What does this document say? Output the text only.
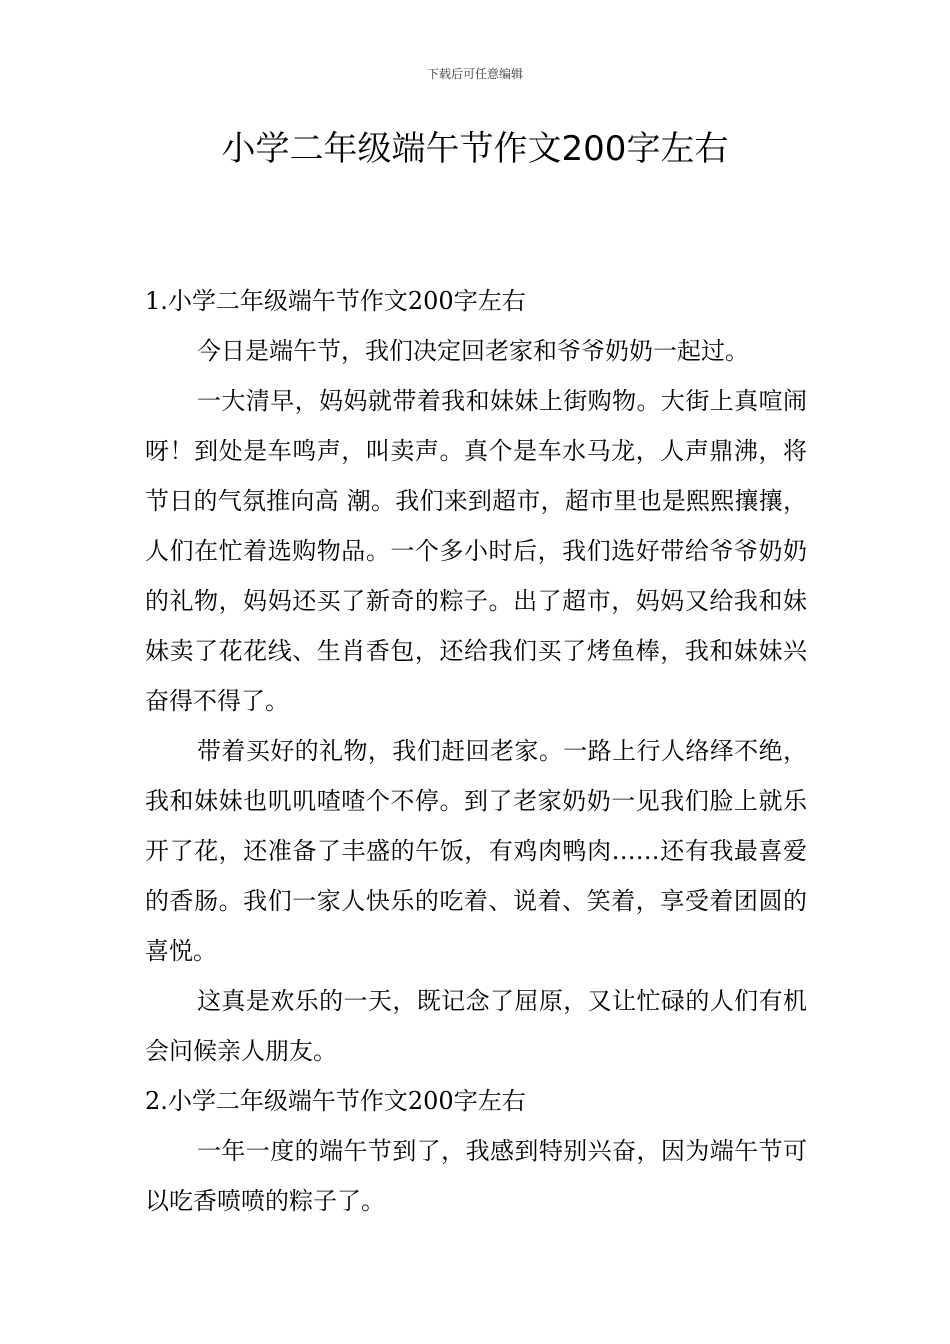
下载后可任意编辑
小学二年级端午节作文200字左右

1.小学二年级端午节作文200字左右

今日是端午节，我们决定回老家和爷爷奶奶一起过。

一大清早，妈妈就带着我和妹妹上街购物。大街上真喧闹呀！到处是车鸣声，叫卖声。真个是车水马龙，人声鼎沸，将节日的气氛推向高 潮。我们来到超市，超市里也是熙熙攘攘，人们在忙着选购物品。一个多小时后，我们选好带给爷爷奶奶的礼物，妈妈还买了新奇的粽子。出了超市，妈妈又给我和妹妹卖了花花线、生肖香包，还给我们买了烤鱼棒，我和妹妹兴奋得不得了。

带着买好的礼物，我们赶回老家。一路上行人络绎不绝，我和妹妹也叽叽喳喳个不停。到了老家奶奶一见我们脸上就乐开了花，还准备了丰盛的午饭，有鸡肉鸭肉……还有我最喜爱的香肠。我们一家人快乐的吃着、说着、笑着，享受着团圆的喜悦。

这真是欢乐的一天，既记念了屈原，又让忙碌的人们有机会问候亲人朋友。

2.小学二年级端午节作文200字左右

一年一度的端午节到了，我感到特别兴奋，因为端午节可以吃香喷喷的粽子了。
